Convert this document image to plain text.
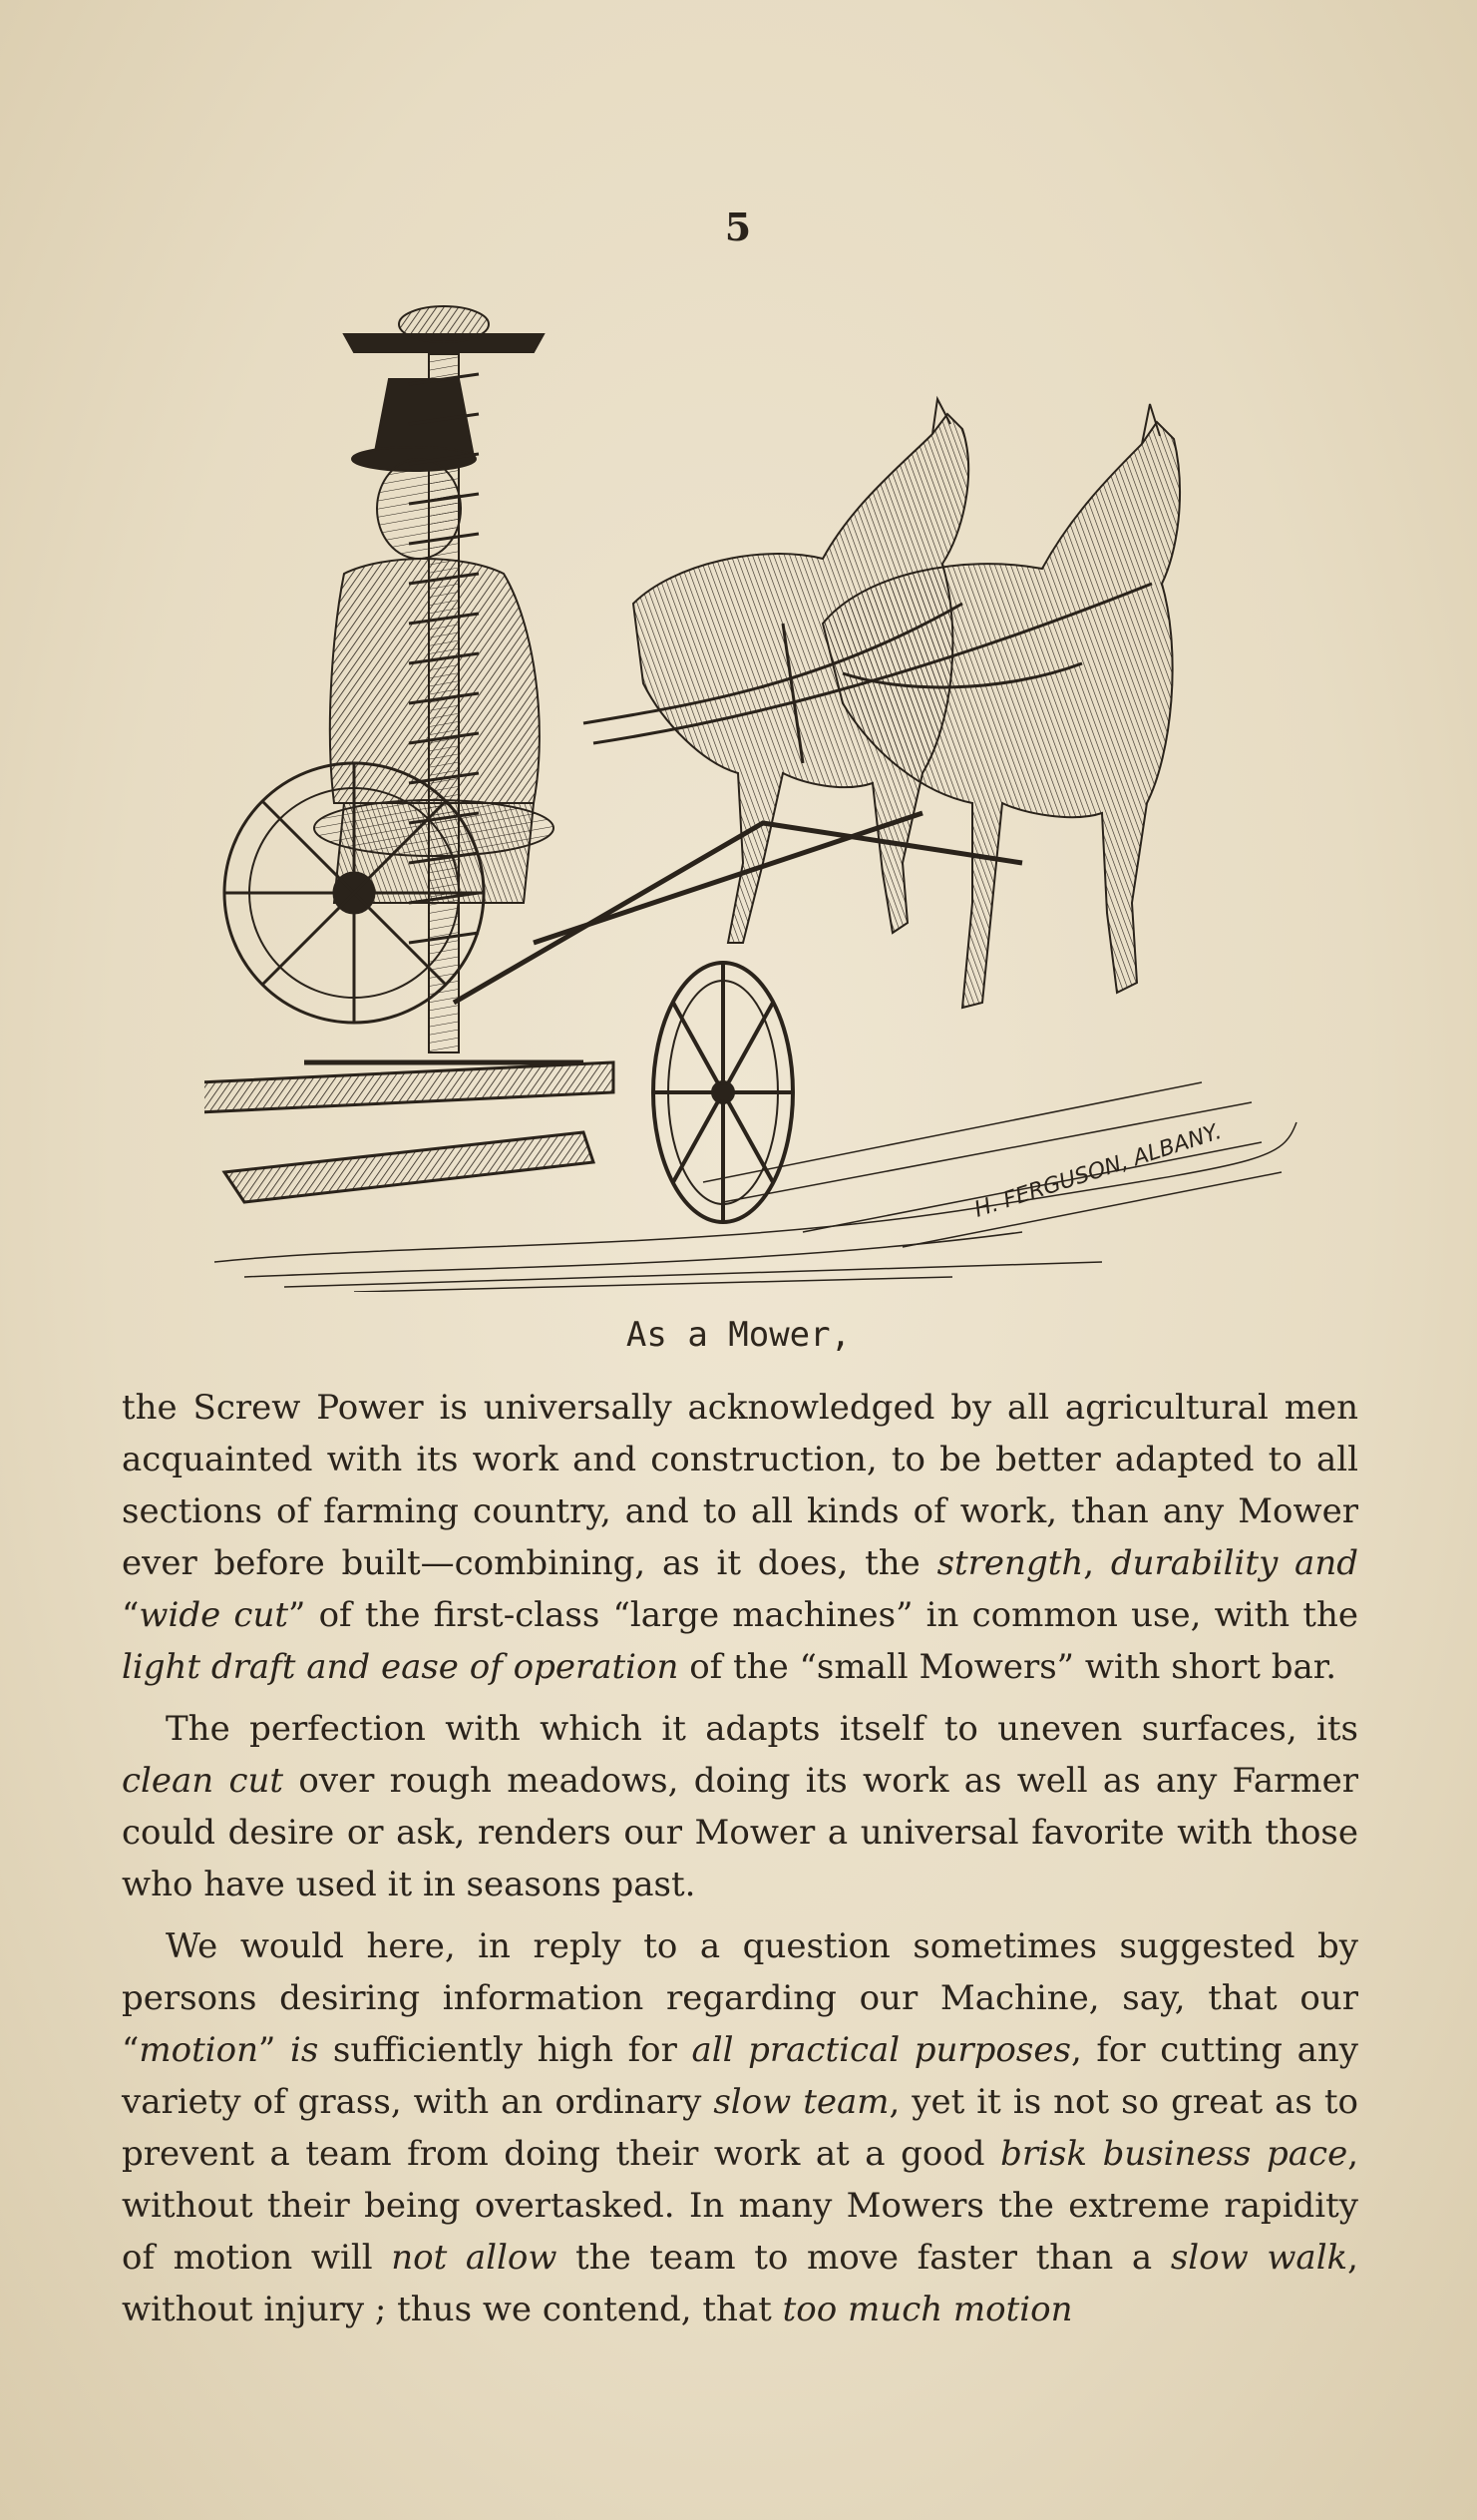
5
H. FERGUSON, ALBANY.
As a Mower,

the Screw Power is universally acknowledged by all agricultural men acquainted with its work and construction, to be better adapted to all sections of farming country, and to all kinds of work, than any Mower ever before built—combining, as it does, the strength, durability and “wide cut” of the first-class “large machines” in common use, with the light draft and ease of operation of the “small Mowers” with short bar.

The perfection with which it adapts itself to uneven surfaces, its clean cut over rough meadows, doing its work as well as any Farmer could desire or ask, renders our Mower a universal favorite with those who have used it in seasons past.

We would here, in reply to a question sometimes suggested by persons desiring information regarding our Machine, say, that our “motion” is sufficiently high for all practical purposes, for cutting any variety of grass, with an ordinary slow team, yet it is not so great as to prevent a team from doing their work at a good brisk business pace, without their being overtasked. In many Mowers the extreme rapidity of motion will not allow the team to move faster than a slow walk, without injury ; thus we contend, that too much motion
